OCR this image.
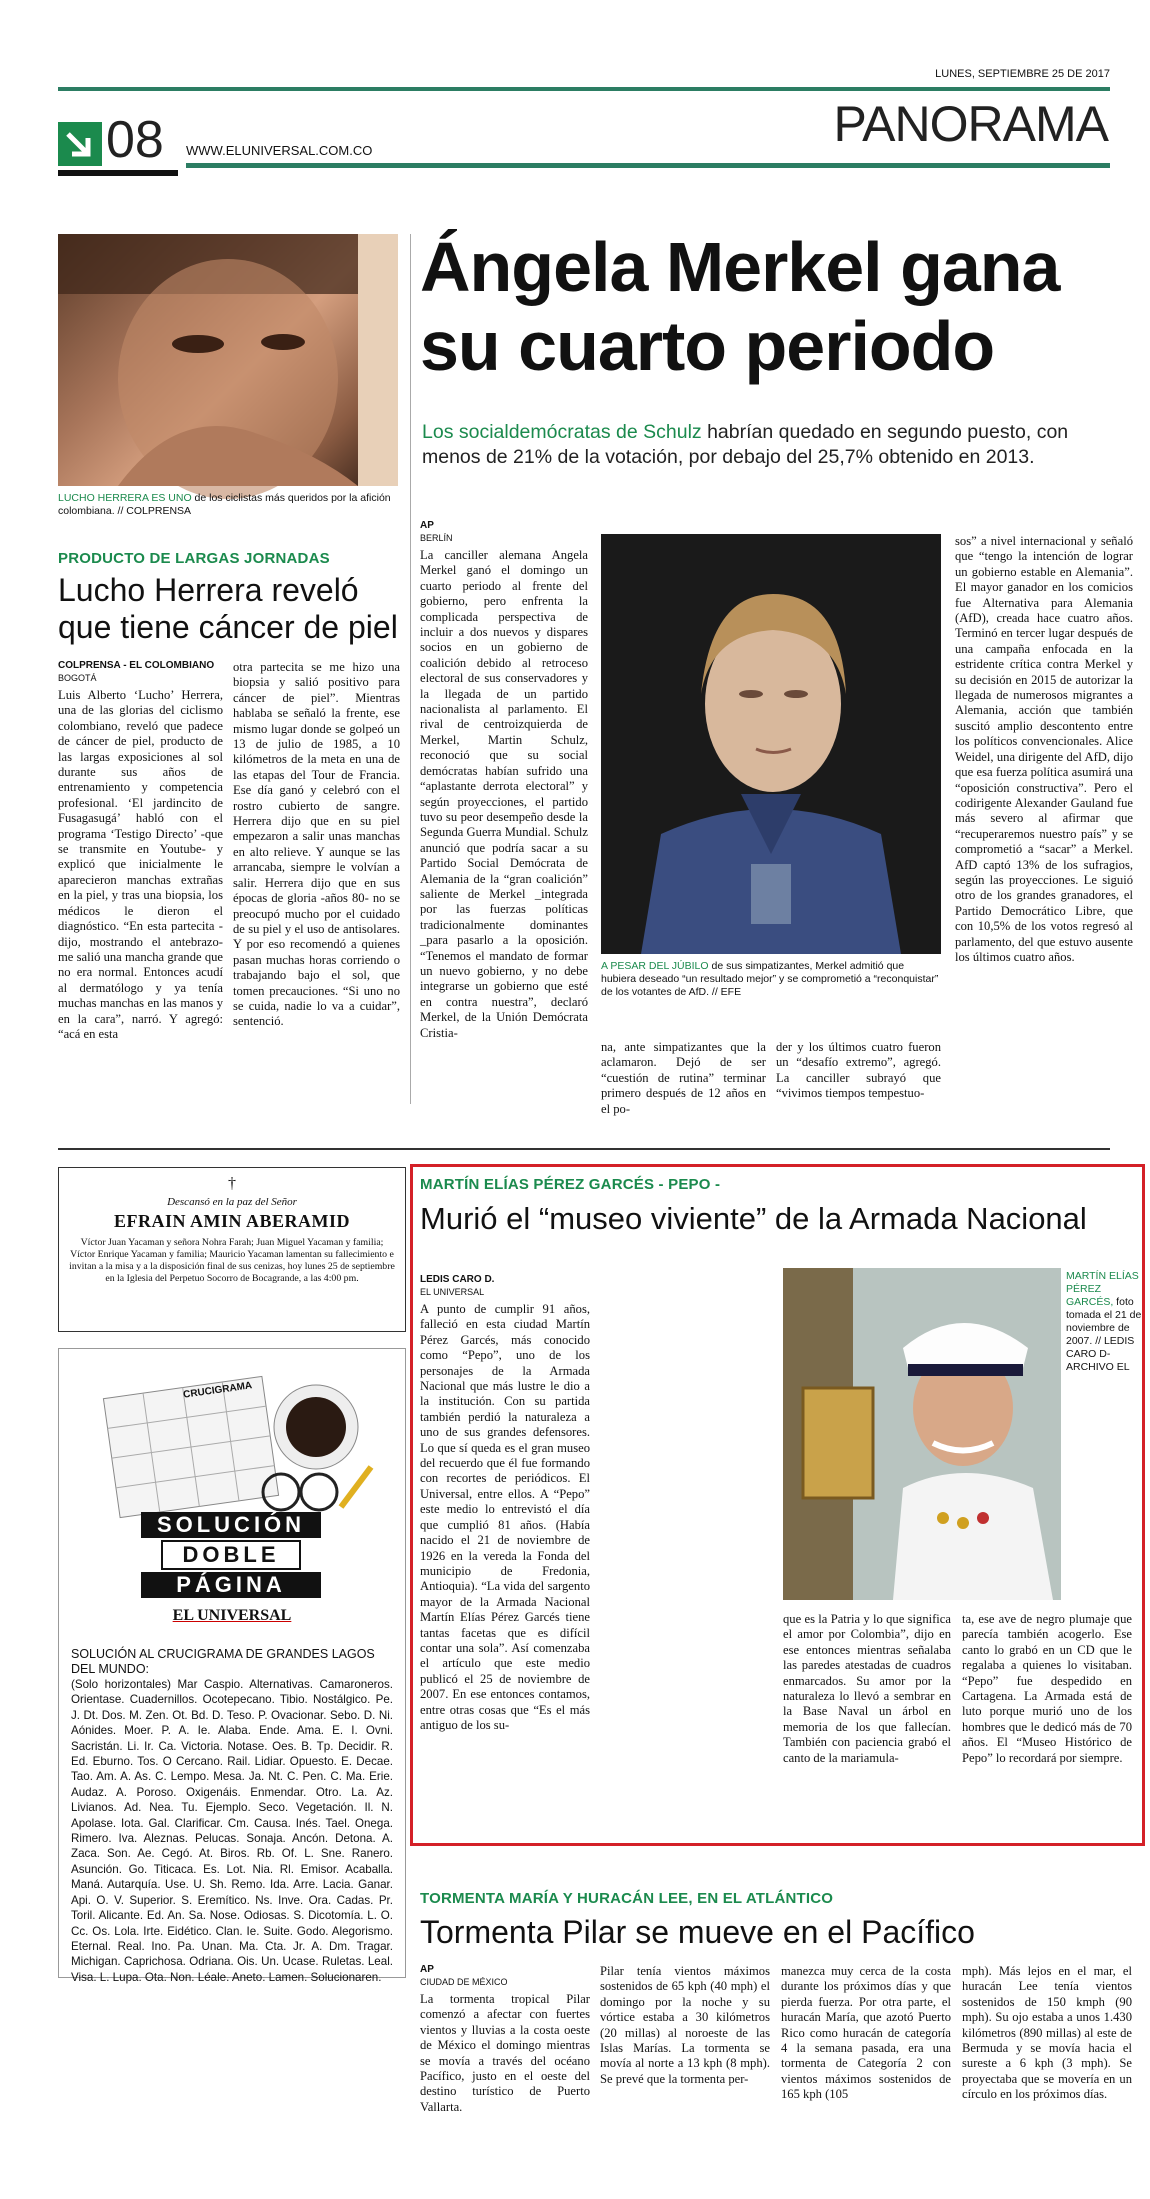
LUNES, SEPTIEMBRE 25 DE 2017
PANORAMA
08 WWW.ELUNIVERSAL.COM.CO
LUCHO HERRERA ES UNO de los ciclistas más queridos por la afición colombiana. // COLPRENSA
PRODUCTO DE LARGAS JORNADAS
Lucho Herrera reveló que tiene cáncer de piel
COLPRENSA - EL COLOMBIANO
BOGOTÁ
Luis Alberto ‘Lucho’ Herrera, una de las glorias del ciclismo colombiano, reveló que padece de cáncer de piel, producto de las largas exposiciones al sol durante sus años de entrenamiento y competencia profesional. ‘El jardincito de Fusagasugá’ habló con el programa ‘Testigo Directo’ -que se transmite en Youtube- y explicó que inicialmente le aparecieron manchas extrañas en la piel, y tras una biopsia, los médicos le dieron el diagnóstico. “En esta partecita -dijo, mostrando el antebrazo- me salió una mancha grande que no era normal. Entonces acudí al dermatólogo y ya tenía muchas manchas en las manos y en la cara”, narró. Y agregó: “acá en esta
otra partecita se me hizo una biopsia y salió positivo para cáncer de piel”. Mientras hablaba se señaló la frente, ese mismo lugar donde se golpeó un 13 de julio de 1985, a 10 kilómetros de la meta en una de las etapas del Tour de Francia. Ese día ganó y celebró con el rostro cubierto de sangre. Herrera dijo que en su piel empezaron a salir unas manchas en alto relieve. Y aunque se las arrancaba, siempre le volvían a salir. Herrera dijo que en sus épocas de gloria -años 80- no se preocupó mucho por el cuidado de su piel y el uso de antisolares. Y por eso recomendó a quienes pasan muchas horas corriendo o trabajando bajo el sol, que tomen precauciones. “Si uno no se cuida, nadie lo va a cuidar”, sentenció.
Ángela Merkel gana su cuarto periodo
Los socialdemócratas de Schulz habrían quedado en segundo puesto, con menos de 21% de la votación, por debajo del 25,7% obtenido en 2013.
AP
BERLÍN
La canciller alemana Angela Merkel ganó el domingo un cuarto periodo al frente del gobierno, pero enfrenta la complicada perspectiva de incluir a dos nuevos y dispares socios en un gobierno de coalición debido al retroceso electoral de sus conservadores y la llegada de un partido nacionalista al parlamento. El rival de centroizquierda de Merkel, Martin Schulz, reconoció que su social demócratas habían sufrido una “aplastante derrota electoral” y según proyecciones, el partido tuvo su peor desempeño desde la Segunda Guerra Mundial. Schulz anunció que podría sacar a su Partido Social Demócrata de Alemania de la “gran coalición” saliente de Merkel _integrada por las fuerzas políticas tradicionalmente dominantes _para pasarlo a la oposición. “Tenemos el mandato de formar un nuevo gobierno, y no debe integrarse un gobierno que esté en contra nuestra”, declaró Merkel, de la Unión Demócrata Cristia-
A PESAR DEL JÚBILO de sus simpatizantes, Merkel admitió que hubiera deseado “un resultado mejor” y se comprometió a “reconquistar” de los votantes de AfD. // EFE
na, ante simpatizantes que la aclamaron. Dejó de ser “cuestión de rutina” terminar primero después de 12 años en el po-
der y los últimos cuatro fueron un “desafío extremo”, agregó. La canciller subrayó que “vivimos tiempos tempestuo-
sos” a nivel internacional y señaló que “tengo la intención de lograr un gobierno estable en Alemania”. El mayor ganador en los comicios fue Alternativa para Alemania (AfD), creada hace cuatro años. Terminó en tercer lugar después de una campaña enfocada en la estridente crítica contra Merkel y su decisión en 2015 de autorizar la llegada de numerosos migrantes a Alemania, acción que también suscitó amplio descontento entre los políticos convencionales. Alice Weidel, una dirigente del AfD, dijo que esa fuerza política asumirá una “oposición constructiva”. Pero el codirigente Alexander Gauland fue más severo al afirmar que “recuperaremos nuestro país” y se comprometió a “sacar” a Merkel. AfD captó 13% de los sufragios, según las proyecciones. Le siguió otro de los grandes granadores, el Partido Democrático Libre, que con 10,5% de los votos regresó al parlamento, del que estuvo ausente los últimos cuatro años.
†
Descansó en la paz del Señor
EFRAIN AMIN ABERAMID
Víctor Juan Yacaman y señora Nohra Farah; Juan Miguel Yacaman y familia; Víctor Enrique Yacaman y familia; Mauricio Yacaman lamentan su fallecimiento e invitan a la misa y a la disposición final de sus cenizas, hoy lunes 25 de septiembre en la Iglesia del Perpetuo Socorro de Bocagrande, a las 4:00 pm.
CRUCIGRAMA
SOLUCIÓN
DOBLE
PÁGINA
EL UNIVERSAL
SOLUCIÓN AL CRUCIGRAMA DE GRANDES LAGOS DEL MUNDO:
(Solo horizontales) Mar Caspio. Alternativas. Camaroneros. Orientase. Cuadernillos. Ocotepecano. Tibio. Nostálgico. Pe. J. Dt. Dos. M. Zen. Ot. Bd. D. Teso. P. Ovacionar. Sebo. D. Ni. Aónides. Moer. P. A. Ie. Alaba. Ende. Ama. E. I. Ovni. Sacristán. Li. Ir. Ca. Victoria. Notase. Oes. B. Tp. Decidir. R. Ed. Eburno. Tos. O Cercano. Rail. Lidiar. Opuesto. E. Decae. Tao. Am. A. As. C. Lempo. Mesa. Ja. Nt. C. Pen. C. Ma. Erie. Audaz. A. Poroso. Oxigenáis. Enmendar. Otro. La. Az. Livianos. Ad. Nea. Tu. Ejemplo. Seco. Vegetación. Il. N. Apolase. Iota. Gal. Clarificar. Cm. Causa. Inés. Tael. Onega. Rimero. Iva. Aleznas. Pelucas. Sonaja. Ancón. Detona. A. Zaca. Son. Ae. Cegó. At. Biros. Rb. Of. L. Sne. Ranero. Asunción. Go. Titicaca. Es. Lot. Nia. Rl. Emisor. Acaballa. Maná. Autarquía. Use. U. Sh. Remo. Ida. Arre. Lacia. Ganar. Api. O. V. Superior. S. Eremítico. Ns. Inve. Ora. Cadas. Pr. Toril. Alicante. Ed. An. Sa. Nose. Odiosas. S. Dicotomía. L. O. Cc. Os. Lola. Irte. Eidético. Clan. Ie. Suite. Godo. Alegorismo. Eternal. Real. Ino. Pa. Unan. Ma. Cta. Jr. A. Dm. Tragar. Michigan. Caprichosa. Odriana. Ois. Un. Ucase. Ruletas. Leal. Visa. L. Lupa. Ota. Non. Léale. Aneto. Lamen. Solucionaren.
MARTÍN ELÍAS PÉREZ GARCÉS - PEPO -
Murió el “museo viviente” de la Armada Nacional
LEDIS CARO D.
EL UNIVERSAL
A punto de cumplir 91 años, falleció en esta ciudad Martín Pérez Garcés, más conocido como “Pepo”, uno de los personajes de la Armada Nacional que más lustre le dio a la institución. Con su partida también perdió la naturaleza a uno de sus grandes defensores. Lo que sí queda es el gran museo del recuerdo que él fue formando con recortes de periódicos. El Universal, entre ellos. A “Pepo” este medio lo entrevistó el día que cumplió 81 años. (Había nacido el 21 de noviembre de 1926 en la vereda la Fonda del municipio de Fredonia, Antioquia). “La vida del sargento mayor de la Armada Nacional Martín Elías Pérez Garcés tiene tantas facetas que es difícil contar una sola”. Así comenzaba el artículo que este medio publicó el 25 de noviembre de 2007. En ese entonces contamos, entre otras cosas que “Es el más antiguo de los su-
MARTÍN ELÍAS PÉREZ GARCÉS, foto tomada el 21 de noviembre de 2007. // LEDIS CARO D- ARCHIVO EL
que es la Patria y lo que significa el amor por Colombia”, dijo en ese entonces mientras señalaba las paredes atestadas de cuadros enmarcados. Su amor por la naturaleza lo llevó a sembrar en la Base Naval un árbol en memoria de los que fallecían. También con paciencia grabó el canto de la mariamula-
ta, ese ave de negro plumaje que parecía también acogerlo. Ese canto lo grabó en un CD que le regalaba a quienes lo visitaban. “Pepo” fue despedido en Cartagena. La Armada está de luto porque murió uno de los hombres que le dedicó más de 70 años. El “Museo Histórico de Pepo” lo recordará por siempre.
TORMENTA MARÍA Y HURACÁN LEE, EN EL ATLÁNTICO
Tormenta Pilar se mueve en el Pacífico
AP
CIUDAD DE MÉXICO
La tormenta tropical Pilar comenzó a afectar con fuertes vientos y lluvias a la costa oeste de México el domingo mientras se movía a través del océano Pacífico, justo en el oeste del destino turístico de Puerto Vallarta.
Pilar tenía vientos máximos sostenidos de 65 kph (40 mph) el domingo por la noche y su vórtice estaba a 30 kilómetros (20 millas) al noroeste de las Islas Marías. La tormenta se movía al norte a 13 kph (8 mph). Se prevé que la tormenta per-
manezca muy cerca de la costa durante los próximos días y que pierda fuerza. Por otra parte, el huracán María, que azotó Puerto Rico como huracán de categoría 4 la semana pasada, era una tormenta de Categoría 2 con vientos máximos sostenidos de 165 kph (105
mph). Más lejos en el mar, el huracán Lee tenía vientos sostenidos de 150 kmph (90 mph). Su ojo estaba a unos 1.430 kilómetros (890 millas) al este de Bermuda y se movía hacia el sureste a 6 kph (3 mph). Se proyectaba que se movería en un círculo en los próximos días.
